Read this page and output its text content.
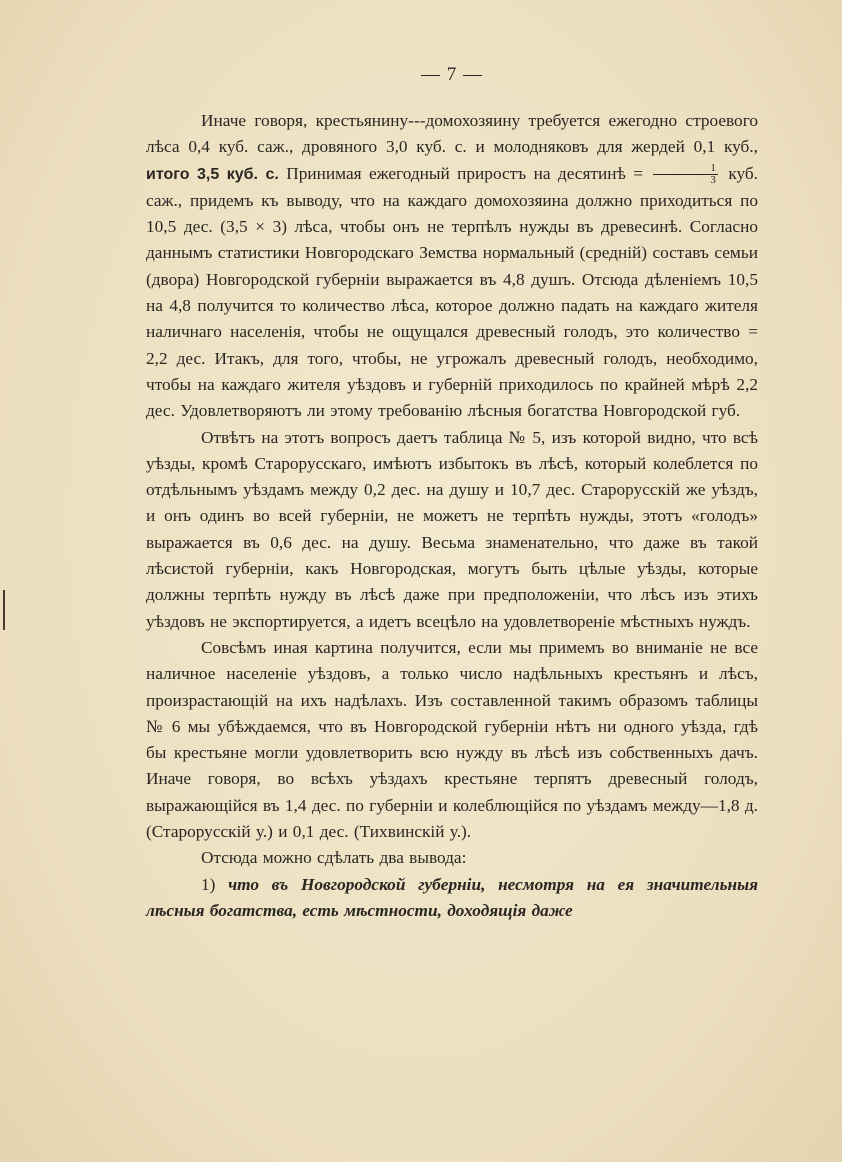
— 7 —

Иначе говоря, крестьянину---домохозяину требуется ежегодно строевого лѣса 0,4 куб. саж., дровяного 3,0 куб. с. и молодняковъ для жердей 0,1 куб., итого 3,5 куб. с. Принимая ежегодный приростъ на десятинѣ = $\frac{1}{3}$ куб. саж., придемъ къ выводу, что на каждаго домохозяина должно приходиться по 10,5 дес. (3,5 × 3) лѣса, чтобы онъ не терпѣлъ нужды въ древесинѣ. Согласно даннымъ статистики Новгородскаго Земства нормальный (средній) составъ семьи (двора) Новгородской губерніи выражается въ 4,8 душъ. Отсюда дѣленіемъ 10,5 на 4,8 получится то количество лѣса, которое должно падать на каждаго жителя наличнаго населенія, чтобы не ощущался древесный голодъ, это количество = 2,2 дес. Итакъ, для того, чтобы, не угрожалъ древесный голодъ, необходимо, чтобы на каждаго жителя уѣздовъ и губерній приходилось по крайней мѣрѣ 2,2 дес. Удовлетворяютъ ли этому требованію лѣсныя богатства Новгородской губ.

Отвѣтъ на этотъ вопросъ даетъ таблица № 5, изъ которой видно, что всѣ уѣзды, кромѣ Старорусскаго, имѣютъ избытокъ въ лѣсѣ, который колеблется по отдѣльнымъ уѣздамъ между 0,2 дес. на душу и 10,7 дес. Старорусскій же уѣздъ, и онъ одинъ во всей губерніи, не можетъ не терпѣть нужды, этотъ «голодъ» выражается въ 0,6 дес. на душу. Весьма знаменательно, что даже въ такой лѣсистой губерніи, какъ Новгородская, могутъ быть цѣлые уѣзды, которые должны терпѣть нужду въ лѣсѣ даже при предположеніи, что лѣсъ изъ этихъ уѣздовъ не экспортируется, а идетъ всецѣло на удовлетвореніе мѣстныхъ нуждъ.

Совсѣмъ иная картина получится, если мы примемъ во вниманіе не все наличное населеніе уѣздовъ, а только число надѣльныхъ крестьянъ и лѣсъ, произрастающій на ихъ надѣлахъ. Изъ составленной такимъ образомъ таблицы № 6 мы убѣждаемся, что въ Новгородской губерніи нѣтъ ни одного уѣзда, гдѣ бы крестьяне могли удовлетворить всю нужду въ лѣсѣ изъ собственныхъ дачъ. Иначе говоря, во всѣхъ уѣздахъ крестьяне терпятъ древесный голодъ, выражающійся въ 1,4 дес. по губерніи и колеблющійся по уѣздамъ между—1,8 д. (Старорусскій у.) и 0,1 дес. (Тихвинскій у.).

Отсюда можно сдѣлать два вывода:

1) что въ Новгородской губерніи, несмотря на ея значительныя лѣсныя богатства, есть мѣстности, доходящія даже
